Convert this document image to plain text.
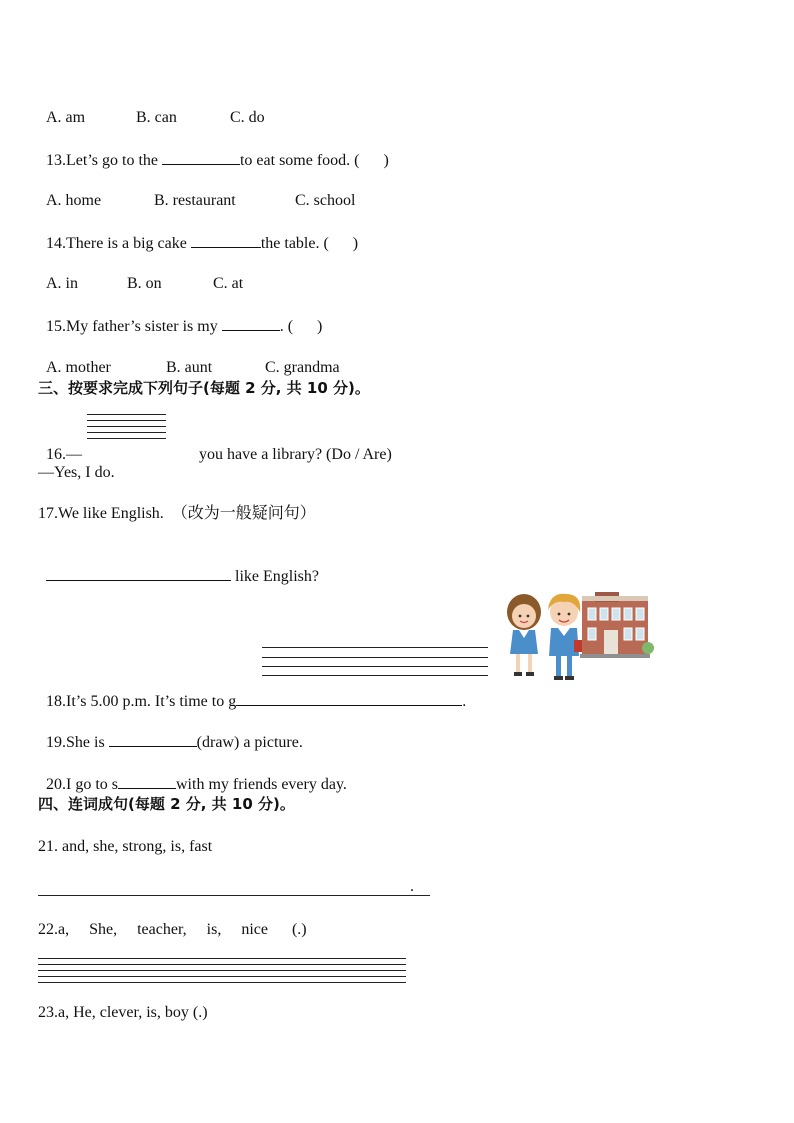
A. am	B. can	C. do

13.Let’s go to the	to eat some food. (      )

A. home	B. restaurant	C. school

14.There is a big cake	the table. (      )

A. in	B. on	C. at

15.My father’s sister is my	. (      )

A. mother	B. aunt	C. grandma

三、按要求完成下列句子(每题 2 分, 共 10 分)。

16.—	you have a library? (Do / Are)

—Yes, I do.
17.We like English.  （改为一般疑问句）

like English?

18.It’s 5.00 p.m. It’s time to g	.

19.She is	(draw) a picture.

20.I go to s	with my friends every day.

四、连词成句(每题 2 分, 共 10 分)。
21. and, she, strong, is, fast
.
22.a,     She,     teacher,     is,     nice      (.)
23.a, He, clever, is, boy (.)
